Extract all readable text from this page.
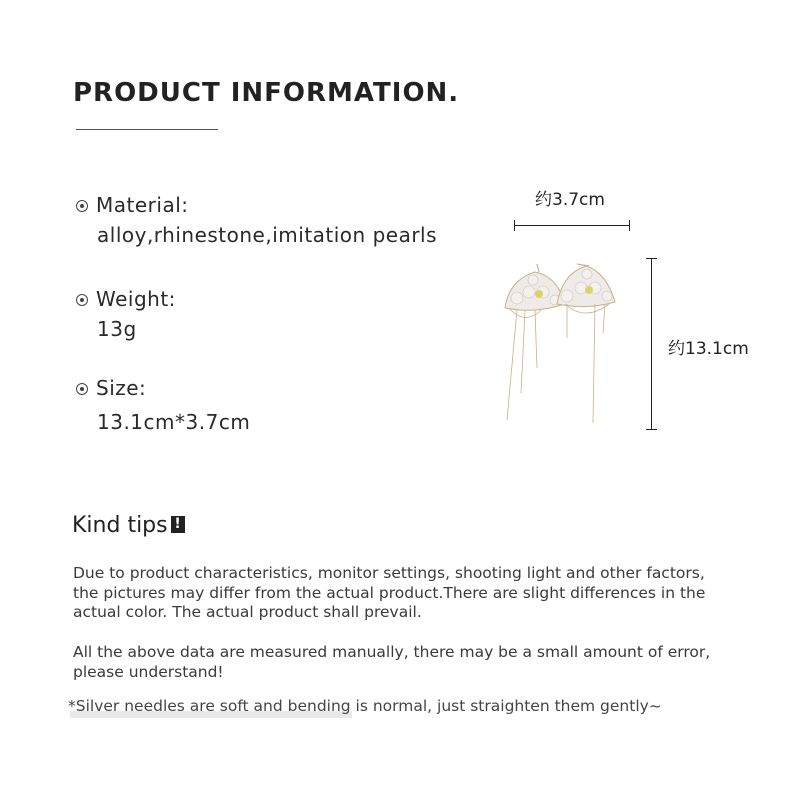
PRODUCT INFORMATION.
Material:
alloy,rhinestone,imitation pearls
Weight:
13g
Size:
13.1cm*3.7cm
约3.7cm
约13.1cm
Kind tips !
Due to product characteristics, monitor settings, shooting light and other factors, the pictures may differ from the actual product.There are slight differences in the actual color. The actual product shall prevail.
All the above data are measured manually, there may be a small amount of error, please understand!
*Silver needles are soft and bending is normal, just straighten them gently~
